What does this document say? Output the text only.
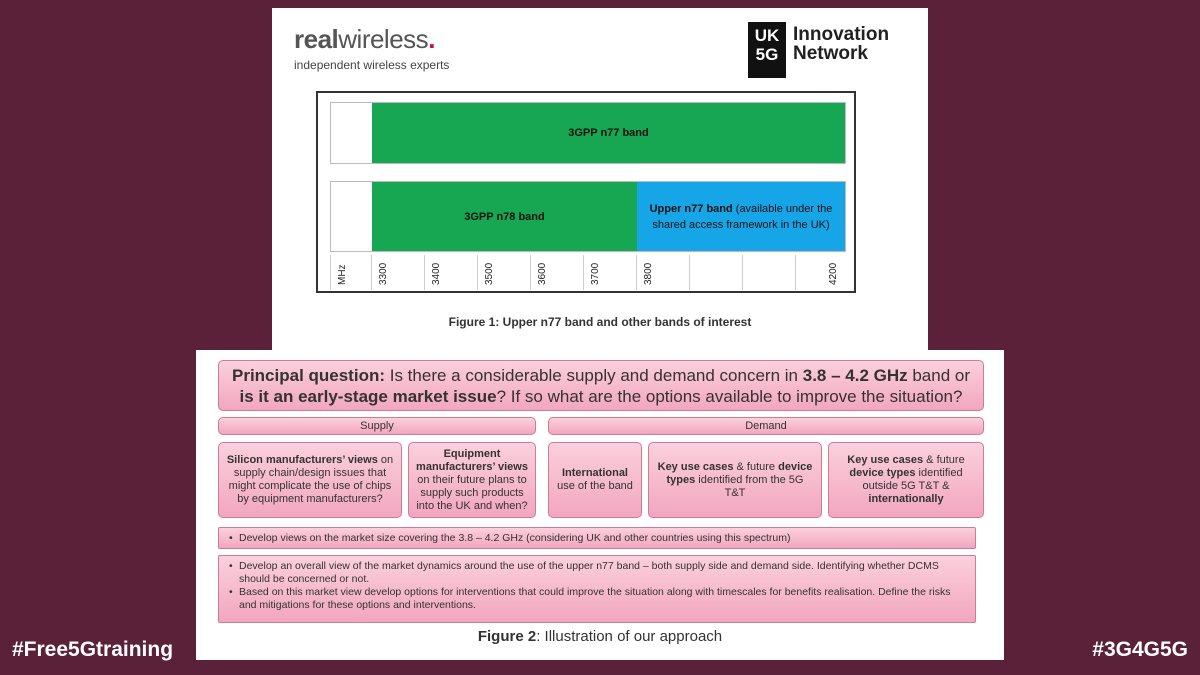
realwireless.
independent wireless experts
UK
5G
Innovation
Network
3GPP n77 band
3GPP n78 band
Upper n77 band (available under the shared access framework in the UK)
MHz	3300	3400	3500	3600	3700	3800	4200
Figure 1: Upper n77 band and other bands of interest
Principal question: Is there a considerable supply and demand concern in 3.8 – 4.2 GHz band or is it an early-stage market issue? If so what are the options available to improve the situation?
Supply	Demand
Silicon manufacturers’ views on supply chain/design issues that might complicate the use of chips by equipment manufacturers?
Equipment manufacturers’ views on their future plans to supply such products into the UK and when?
International use of the band
Key use cases & future device types identified from the 5G T&T
Key use cases & future device types identified outside 5G T&T & internationally
• Develop views on the market size covering the 3.8 – 4.2 GHz (considering UK and other countries using this spectrum)
• Develop an overall view of the market dynamics around the use of the upper n77 band – both supply side and demand side. Identifying whether DCMS should be concerned or not.
• Based on this market view develop options for interventions that could improve the situation along with timescales for benefits realisation. Define the risks and mitigations for these options and interventions.
Figure 2: Illustration of our approach
#Free5Gtraining	#3G4G5G
